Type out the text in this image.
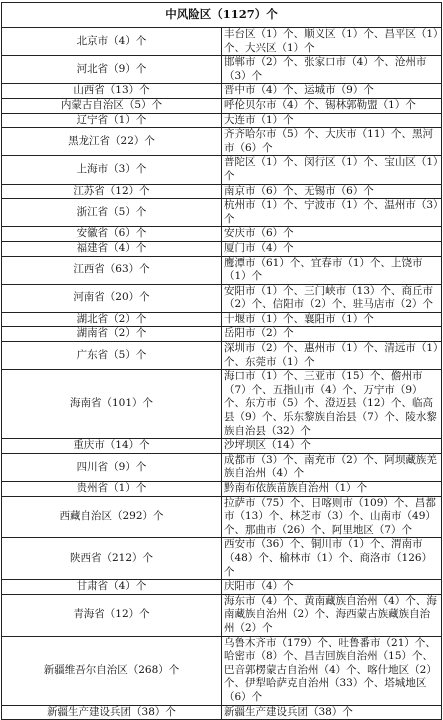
中风险区（1127）个	
北京市（4）个	丰台区（1）个、顺义区（1）个、昌平区（1）个、大兴区（1）个
河北省（9）个	邯郸市（2）个、张家口市（4）个、沧州市（3）个
山西省（13）个	晋中市（4）个、运城市（9）个
内蒙古自治区（5）个	呼伦贝尔市（4）个、锡林郭勒盟（1）个
辽宁省（1）个	大连市（1）个
黑龙江省（22）个	齐齐哈尔市（5）个、大庆市（11）个、黑河市（6）个
上海市（3）个	普陀区（1）个、闵行区（1）个、宝山区（1）个
江苏省（12）个	南京市（6）个、无锡市（6）个
浙江省（5）个	杭州市（1）个、宁波市（1）个、温州市（3）个
安徽省（6）个	安庆市（6）个
福建省（4）个	厦门市（4）个
江西省（63）个	鹰潭市（61）个、宜春市（1）个、上饶市（1）个
河南省（20）个	安阳市（1）个、三门峡市（13）个、商丘市（2）个、信阳市（2）个、驻马店市（2）个
湖北省（2）个	十堰市（1）个、襄阳市（1）个
湖南省（2）个	岳阳市（2）个
广东省（5）个	深圳市（2）个、惠州市（1）个、清远市（1）个、东莞市（1）个
海南省（101）个	海口市（1）个、三亚市（15）个、儋州市（7）个、五指山市（4）个、万宁市（9）个、东方市（5）个、澄迈县（12）个、临高县（9）个、乐东黎族自治县（7）个、陵水黎族自治县（32）个
重庆市（14）个	沙坪坝区（14）个
四川省（9）个	成都市（3）个、南充市（2）个、阿坝藏族羌族自治州（4）个
贵州省（1）个	黔南布依族苗族自治州（1）个
西藏自治区（292）个	拉萨市（75）个、日喀则市（109）个、昌都市（13）个、林芝市（3）个、山南市（49）个、那曲市（26）个、阿里地区（7）个
陕西省（212）个	西安市（36）个、铜川市（1）个、渭南市（48）个、榆林市（1）个、商洛市（126）个
甘肃省（4）个	庆阳市（4）个
青海省（12）个	海东市（4）个、黄南藏族自治州（4）个、海南藏族自治州（2）个、海西蒙古族藏族自治州（2）个
新疆维吾尔自治区（268）个	乌鲁木齐市（179）个、吐鲁番市（21）个、哈密市（8）个、昌吉回族自治州（15）个、巴音郭楞蒙古自治州（4）个、喀什地区（2）个、伊犁哈萨克自治州（33）个、塔城地区（6）个
新疆生产建设兵团（38）个	新疆生产建设兵团（38）个
